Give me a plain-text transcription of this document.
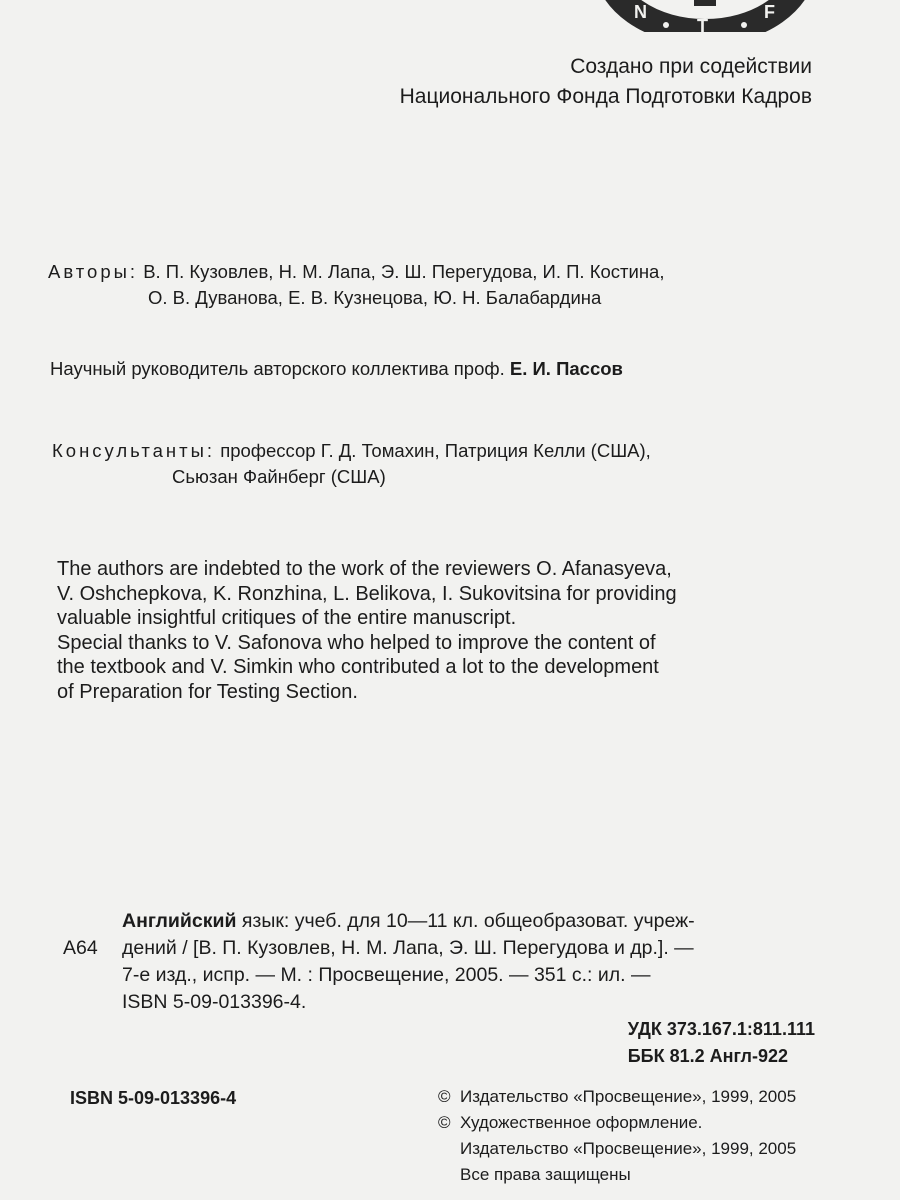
N
T
F
Создано при содействии
Национального Фонда Подготовки Кадров
Авторы: В. П. Кузовлев, Н. М. Лапа, Э. Ш. Перегудова, И. П. Костина,
О. В. Дуванова, Е. В. Кузнецова, Ю. Н. Балабардина
Научный руководитель авторского коллектива проф. Е. И. Пассов
Консультанты: профессор Г. Д. Томахин, Патриция Келли (США),
Сьюзан Файнберг (США)
The authors are indebted to the work of the reviewers O. Afanasyeva,
V. Oshchepkova, K. Ronzhina, L. Belikova, I. Sukovitsina for providing
valuable insightful critiques of the entire manuscript.
Special thanks to V. Safonova who helped to improve the content of
the textbook and V. Simkin who contributed a lot to the development
of Preparation for Testing Section.
А64
Английский язык: учеб. для 10—11 кл. общеобразоват. учреж-
дений / [В. П. Кузовлев, Н. М. Лапа, Э. Ш. Перегудова и др.]. —
7-е изд., испр. — М. : Просвещение, 2005. — 351 с.: ил. —
ISBN 5-09-013396-4.
УДК 373.167.1:811.111
ББК 81.2 Англ-922
ISBN 5-09-013396-4	© Издательство «Просвещение», 1999, 2005
© Художественное оформление.
Издательство «Просвещение», 1999, 2005
Все права защищены
